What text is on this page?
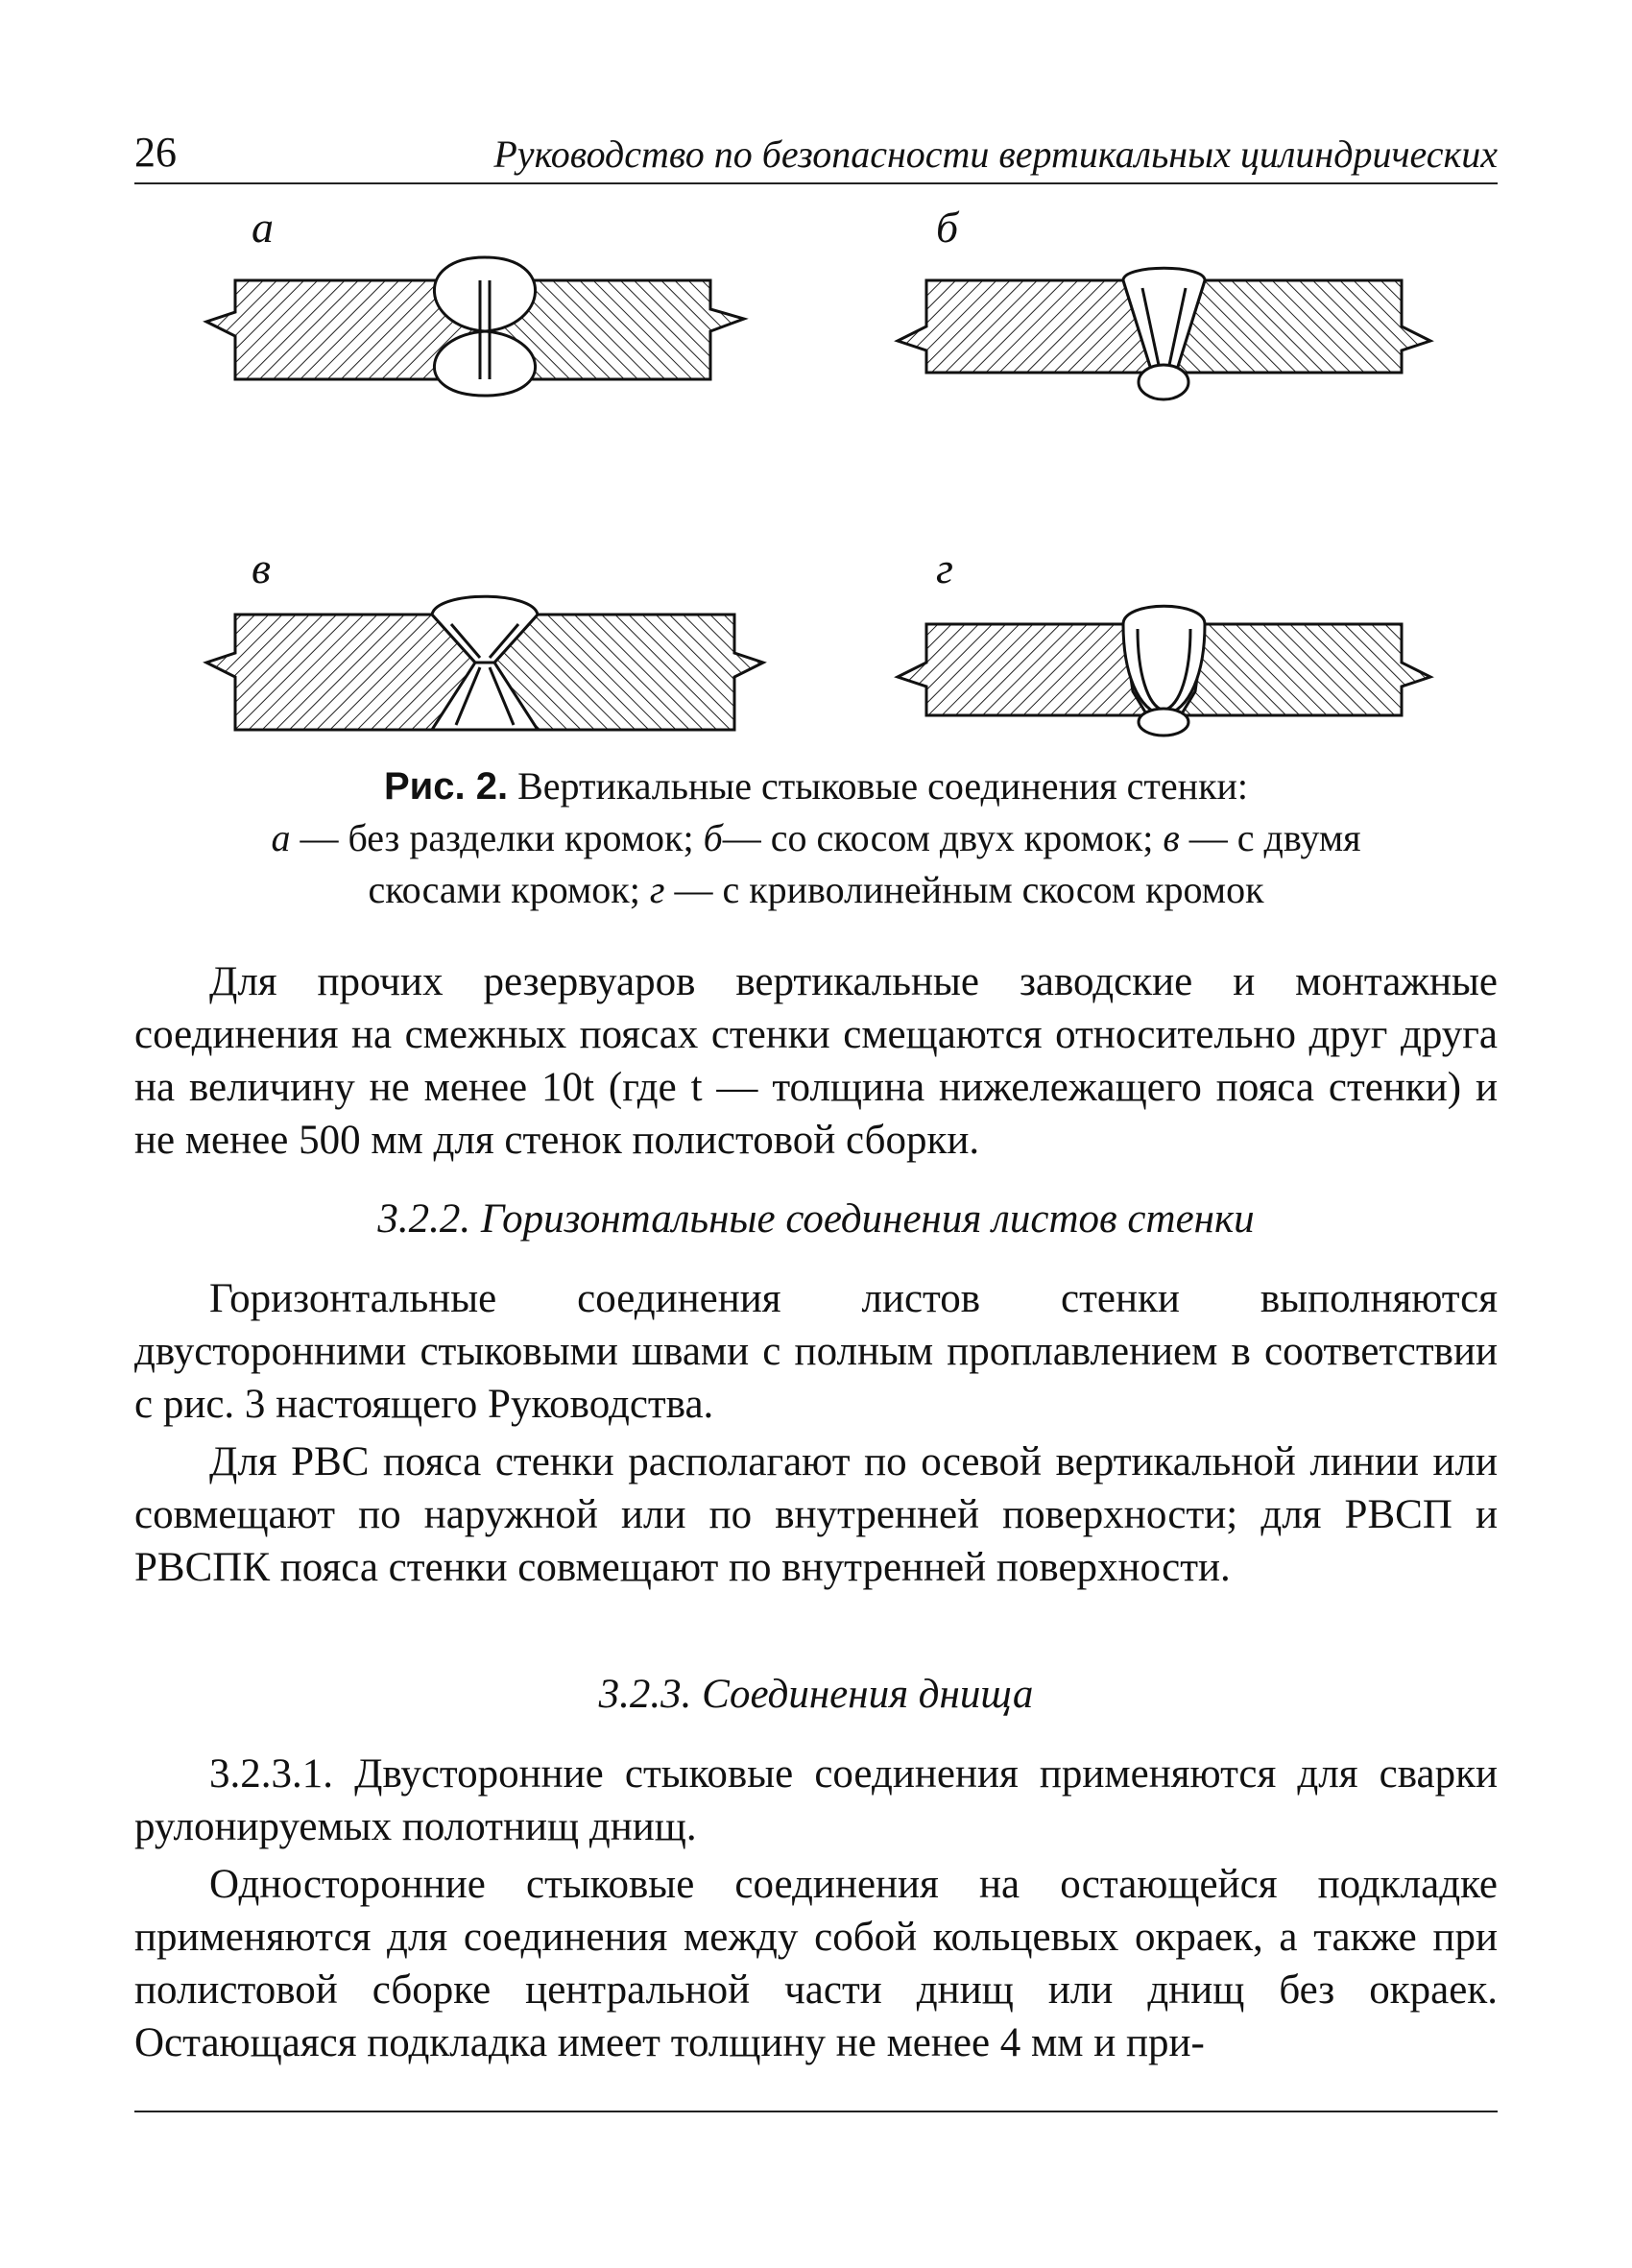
26	Руководство по безопасности вертикальных цилиндрических
а	б
в	г
Рис. 2. Вертикальные стыковые соединения стенки:
а — без разделки кромок; б— со скосом двух кромок; в — с двумя
скосами кромок; г — с криволинейным скосом кромок

Для прочих резервуаров вертикальные заводские и монтажные соединения на смежных поясах стенки смещаются относительно друг друга на величину не менее 10t (где t — толщина нижележащего пояса стенки) и не менее 500 мм для стенок полистовой сборки.

3.2.2. Горизонтальные соединения листов стенки

Горизонтальные соединения листов стенки выполняются двусторонними стыковыми швами с полным проплавлением в соответствии с рис. 3 настоящего Руководства.

Для РВС пояса стенки располагают по осевой вертикальной линии или совмещают по наружной или по внутренней поверхности; для РВСП и РВСПК пояса стенки совмещают по внутренней поверхности.

3.2.3. Соединения днища

3.2.3.1. Двусторонние стыковые соединения применяются для сварки рулонируемых полотнищ днищ.

Односторонние стыковые соединения на остающейся подкладке применяются для соединения между собой кольцевых окраек, а также при полистовой сборке центральной части днищ или днищ без окраек. Остающаяся подкладка имеет толщину не менее 4 мм и при-
